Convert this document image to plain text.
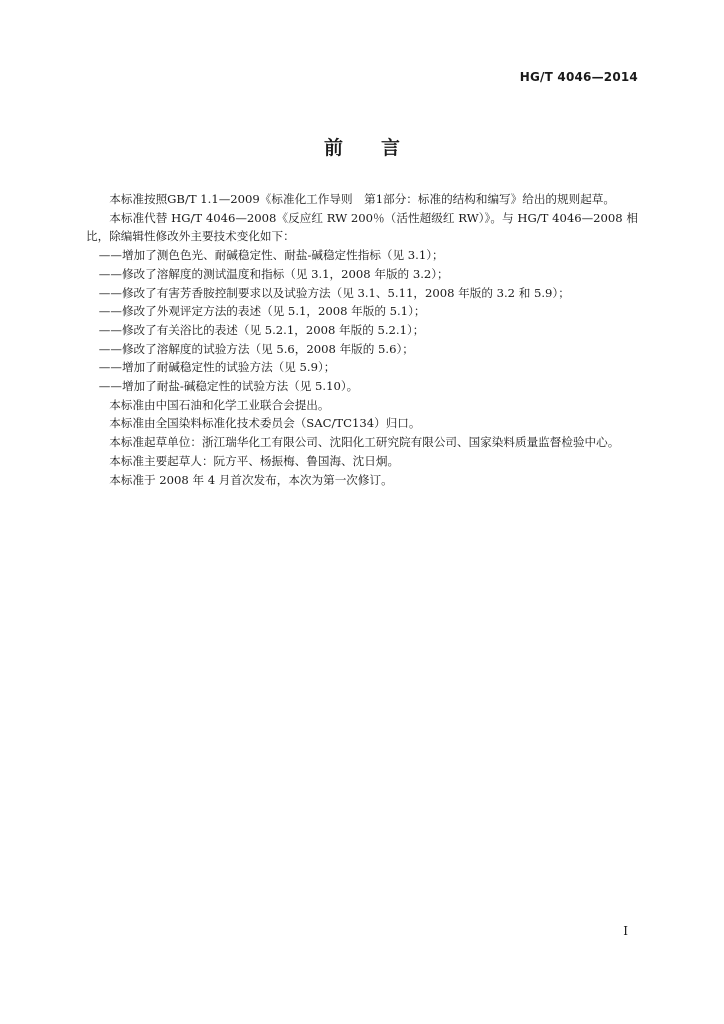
HG/T 4046—2014
前 言

本标准按照GB/T 1.1—2009《标准化工作导则　第1部分：标准的结构和编写》给出的规则起草。

本标准代替 HG/T 4046—2008《反应红 RW 200％（活性超级红 RW）》。与 HG/T 4046—2008 相比，除编辑性修改外主要技术变化如下：

——增加了测色色光、耐碱稳定性、耐盐-碱稳定性指标（见 3.1）；

——修改了溶解度的测试温度和指标（见 3.1，2008 年版的 3.2）；

——修改了有害芳香胺控制要求以及试验方法（见 3.1、5.11，2008 年版的 3.2 和 5.9）；

——修改了外观评定方法的表述（见 5.1，2008 年版的 5.1）；

——修改了有关浴比的表述（见 5.2.1，2008 年版的 5.2.1）；

——修改了溶解度的试验方法（见 5.6，2008 年版的 5.6）；

——增加了耐碱稳定性的试验方法（见 5.9）；

——增加了耐盐-碱稳定性的试验方法（见 5.10）。

本标准由中国石油和化学工业联合会提出。

本标准由全国染料标准化技术委员会（SAC/TC134）归口。

本标准起草单位：浙江瑞华化工有限公司、沈阳化工研究院有限公司、国家染料质量监督检验中心。

本标准主要起草人：阮方平、杨振梅、鲁国海、沈日炯。

本标准于 2008 年 4 月首次发布，本次为第一次修订。

I
